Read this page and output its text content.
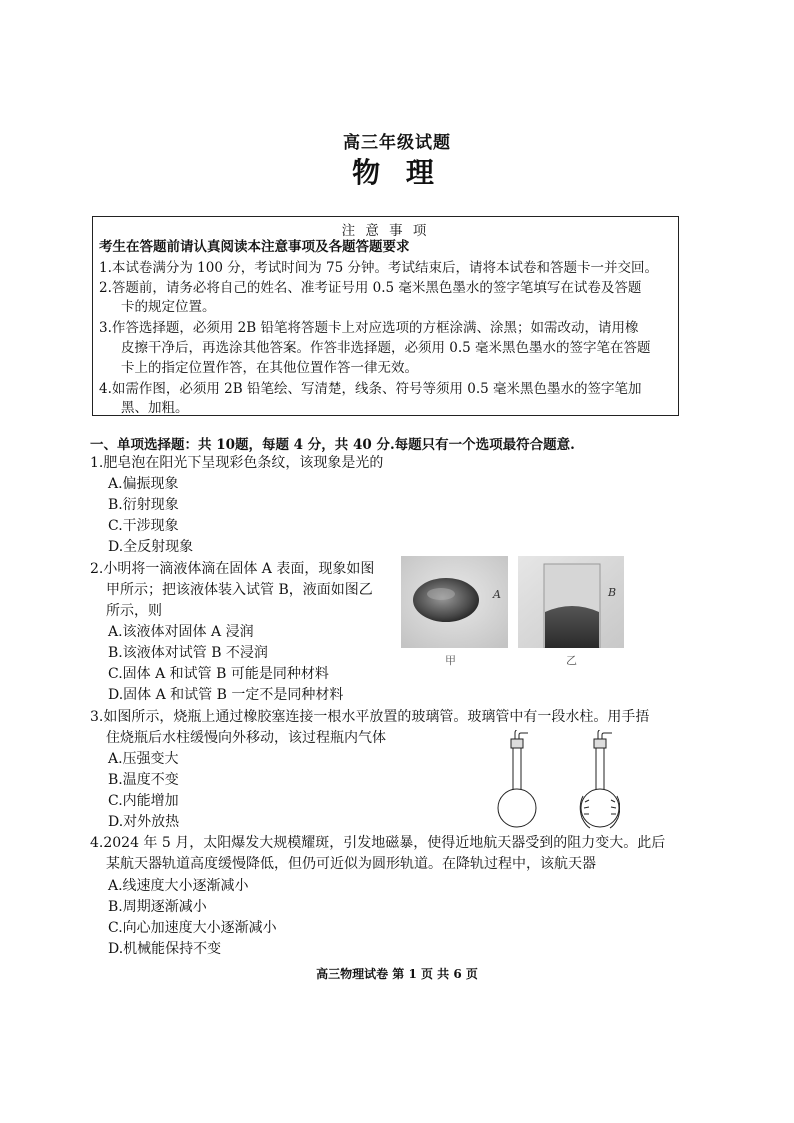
高三年级试题
物 理
注 意 事 项
考生在答题前请认真阅读本注意事项及各题答题要求
1.本试卷满分为 100 分，考试时间为 75 分钟。考试结束后，请将本试卷和答题卡一并交回。
2.答题前，请务必将自己的姓名、准考证号用 0.5 毫米黑色墨水的签字笔填写在试卷及答题
卡的规定位置。
3.作答选择题，必须用 2B 铅笔将答题卡上对应选项的方框涂满、涂黑；如需改动，请用橡
皮擦干净后，再选涂其他答案。作答非选择题，必须用 0.5 毫米黑色墨水的签字笔在答题
卡上的指定位置作答，在其他位置作答一律无效。
4.如需作图，必须用 2B 铅笔绘、写清楚，线条、符号等须用 0.5 毫米黑色墨水的签字笔加
黑、加粗。
一、单项选择题：共 10题，每题 4 分，共 40 分.每题只有一个选项最符合题意.
1.肥皂泡在阳光下呈现彩色条纹，该现象是光的
A.偏振现象
B.衍射现象
C.干涉现象
D.全反射现象
2.小明将一滴液体滴在固体 A 表面，现象如图
甲所示；把该液体装入试管 B，液面如图乙
所示，则
A.该液体对固体 A 浸润
B.该液体对试管 B 不浸润
C.固体 A 和试管 B 可能是同种材料
D.固体 A 和试管 B 一定不是同种材料
A
甲
B
乙
3.如图所示，烧瓶上通过橡胶塞连接一根水平放置的玻璃管。玻璃管中有一段水柱。用手捂
住烧瓶后水柱缓慢向外移动，该过程瓶内气体
A.压强变大
B.温度不变
C.内能增加
D.对外放热
4.2024 年 5 月，太阳爆发大规模耀斑，引发地磁暴，使得近地航天器受到的阻力变大。此后
某航天器轨道高度缓慢降低，但仍可近似为圆形轨道。在降轨过程中，该航天器
A.线速度大小逐渐减小
B.周期逐渐减小
C.向心加速度大小逐渐减小
D.机械能保持不变
高三物理试卷 第 1 页 共 6 页
